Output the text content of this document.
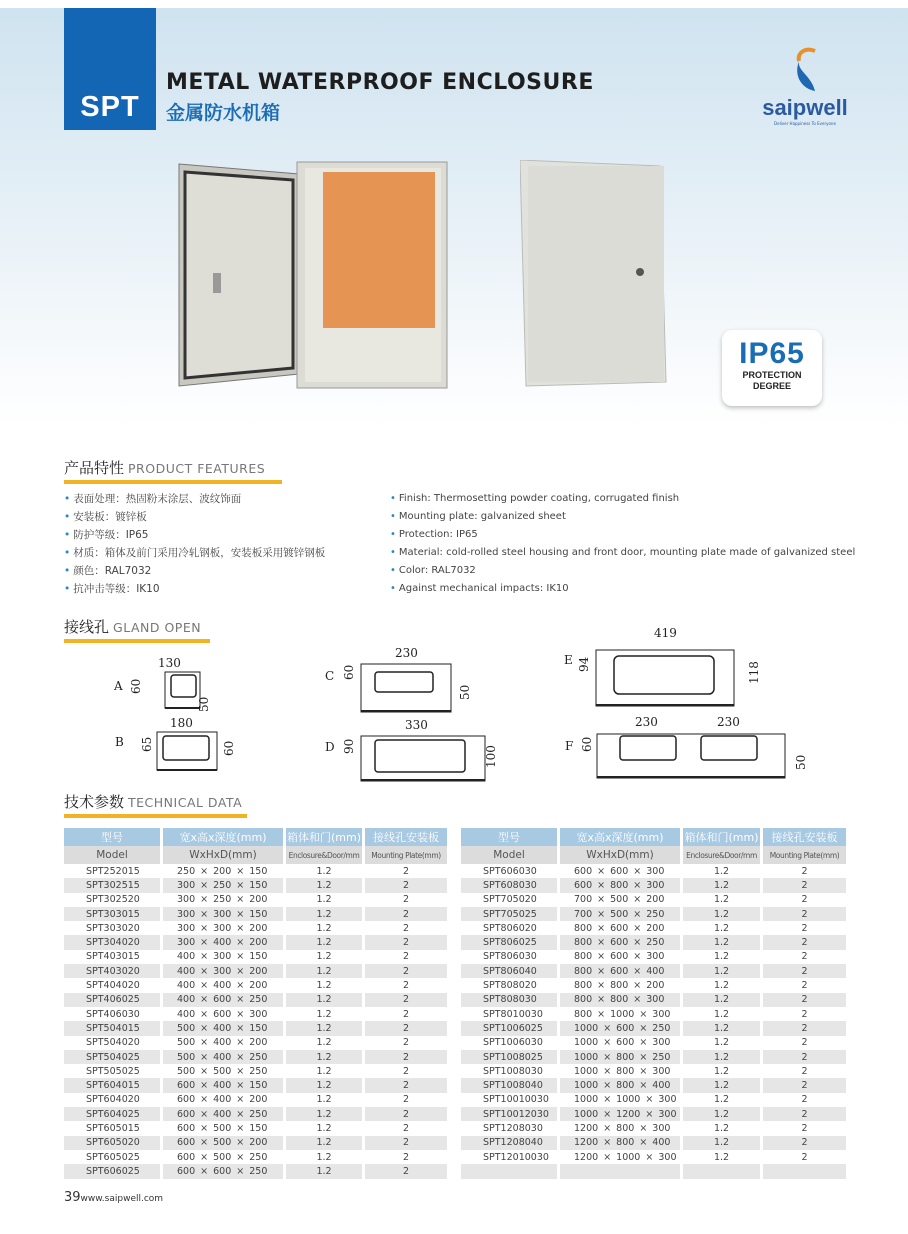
SPT
METAL WATERPROOF ENCLOSURE
金属防水机箱	saipwell
Deliver Happiness To Everyone
IP65
PROTECTION
DEGREE
产品特性 PRODUCT FEATURES
• 表面处理：热固粉末涂层、波纹饰面
• 安装板：镀锌板
• 防护等级：IP65
• 材质：箱体及前门采用冷轧钢板，安装板采用镀锌钢板
• 颜色：RAL7032
• 抗冲击等级：IK10
• Finish: Thermosetting powder coating, corrugated finish
• Mounting plate: galvanized sheet
• Protection: IP65
• Material: cold-rolled steel housing and front door, mounting plate made of galvanized steel
• Color: RAL7032
• Against mechanical impacts: IK10
接线孔 GLAND OPEN
A
130
60
50
B
180
65	60
C
230
60
50
D
330
90	100
E
419
94	118
F
230	230
60
50
技术参数 TECHNICAL DATA
型号	宽x高x深度(mm)	箱体和门(mm)	接线孔安装板
Model	WxHxD(mm)	Enclosure&Door/mm	Mounting Plate(mm)
SPT252015	250 × 200 × 150	1.2	2
SPT302515	300 × 250 × 150	1.2	2
SPT302520	300 × 250 × 200	1.2	2
SPT303015	300 × 300 × 150	1.2	2
SPT303020	300 × 300 × 200	1.2	2
SPT304020	300 × 400 × 200	1.2	2
SPT403015	400 × 300 × 150	1.2	2
SPT403020	400 × 300 × 200	1.2	2
SPT404020	400 × 400 × 200	1.2	2
SPT406025	400 × 600 × 250	1.2	2
SPT406030	400 × 600 × 300	1.2	2
SPT504015	500 × 400 × 150	1.2	2
SPT504020	500 × 400 × 200	1.2	2
SPT504025	500 × 400 × 250	1.2	2
SPT505025	500 × 500 × 250	1.2	2
SPT604015	600 × 400 × 150	1.2	2
SPT604020	600 × 400 × 200	1.2	2
SPT604025	600 × 400 × 250	1.2	2
SPT605015	600 × 500 × 150	1.2	2
SPT605020	600 × 500 × 200	1.2	2
SPT605025	600 × 500 × 250	1.2	2
SPT606025	600 × 600 × 250	1.2	2
型号	宽x高x深度(mm)	箱体和门(mm)	接线孔安装板
Model	WxHxD(mm)	Enclosure&Door/mm	Mounting Plate(mm)
SPT606030	600 × 600 × 300	1.2	2
SPT608030	600 × 800 × 300	1.2	2
SPT705020	700 × 500 × 200	1.2	2
SPT705025	700 × 500 × 250	1.2	2
SPT806020	800 × 600 × 200	1.2	2
SPT806025	800 × 600 × 250	1.2	2
SPT806030	800 × 600 × 300	1.2	2
SPT806040	800 × 600 × 400	1.2	2
SPT808020	800 × 800 × 200	1.2	2
SPT808030	800 × 800 × 300	1.2	2
SPT8010030	800 × 1000 × 300	1.2	2
SPT1006025	1000 × 600 × 250	1.2	2
SPT1006030	1000 × 600 × 300	1.2	2
SPT1008025	1000 × 800 × 250	1.2	2
SPT1008030	1000 × 800 × 300	1.2	2
SPT1008040	1000 × 800 × 400	1.2	2
SPT10010030	1000 × 1000 × 300	1.2	2
SPT10012030	1000 × 1200 × 300	1.2	2
SPT1208030	1200 × 800 × 300	1.2	2
SPT1208040	1200 × 800 × 400	1.2	2
SPT12010030	1200 × 1000 × 300	1.2	2

39www.saipwell.com
